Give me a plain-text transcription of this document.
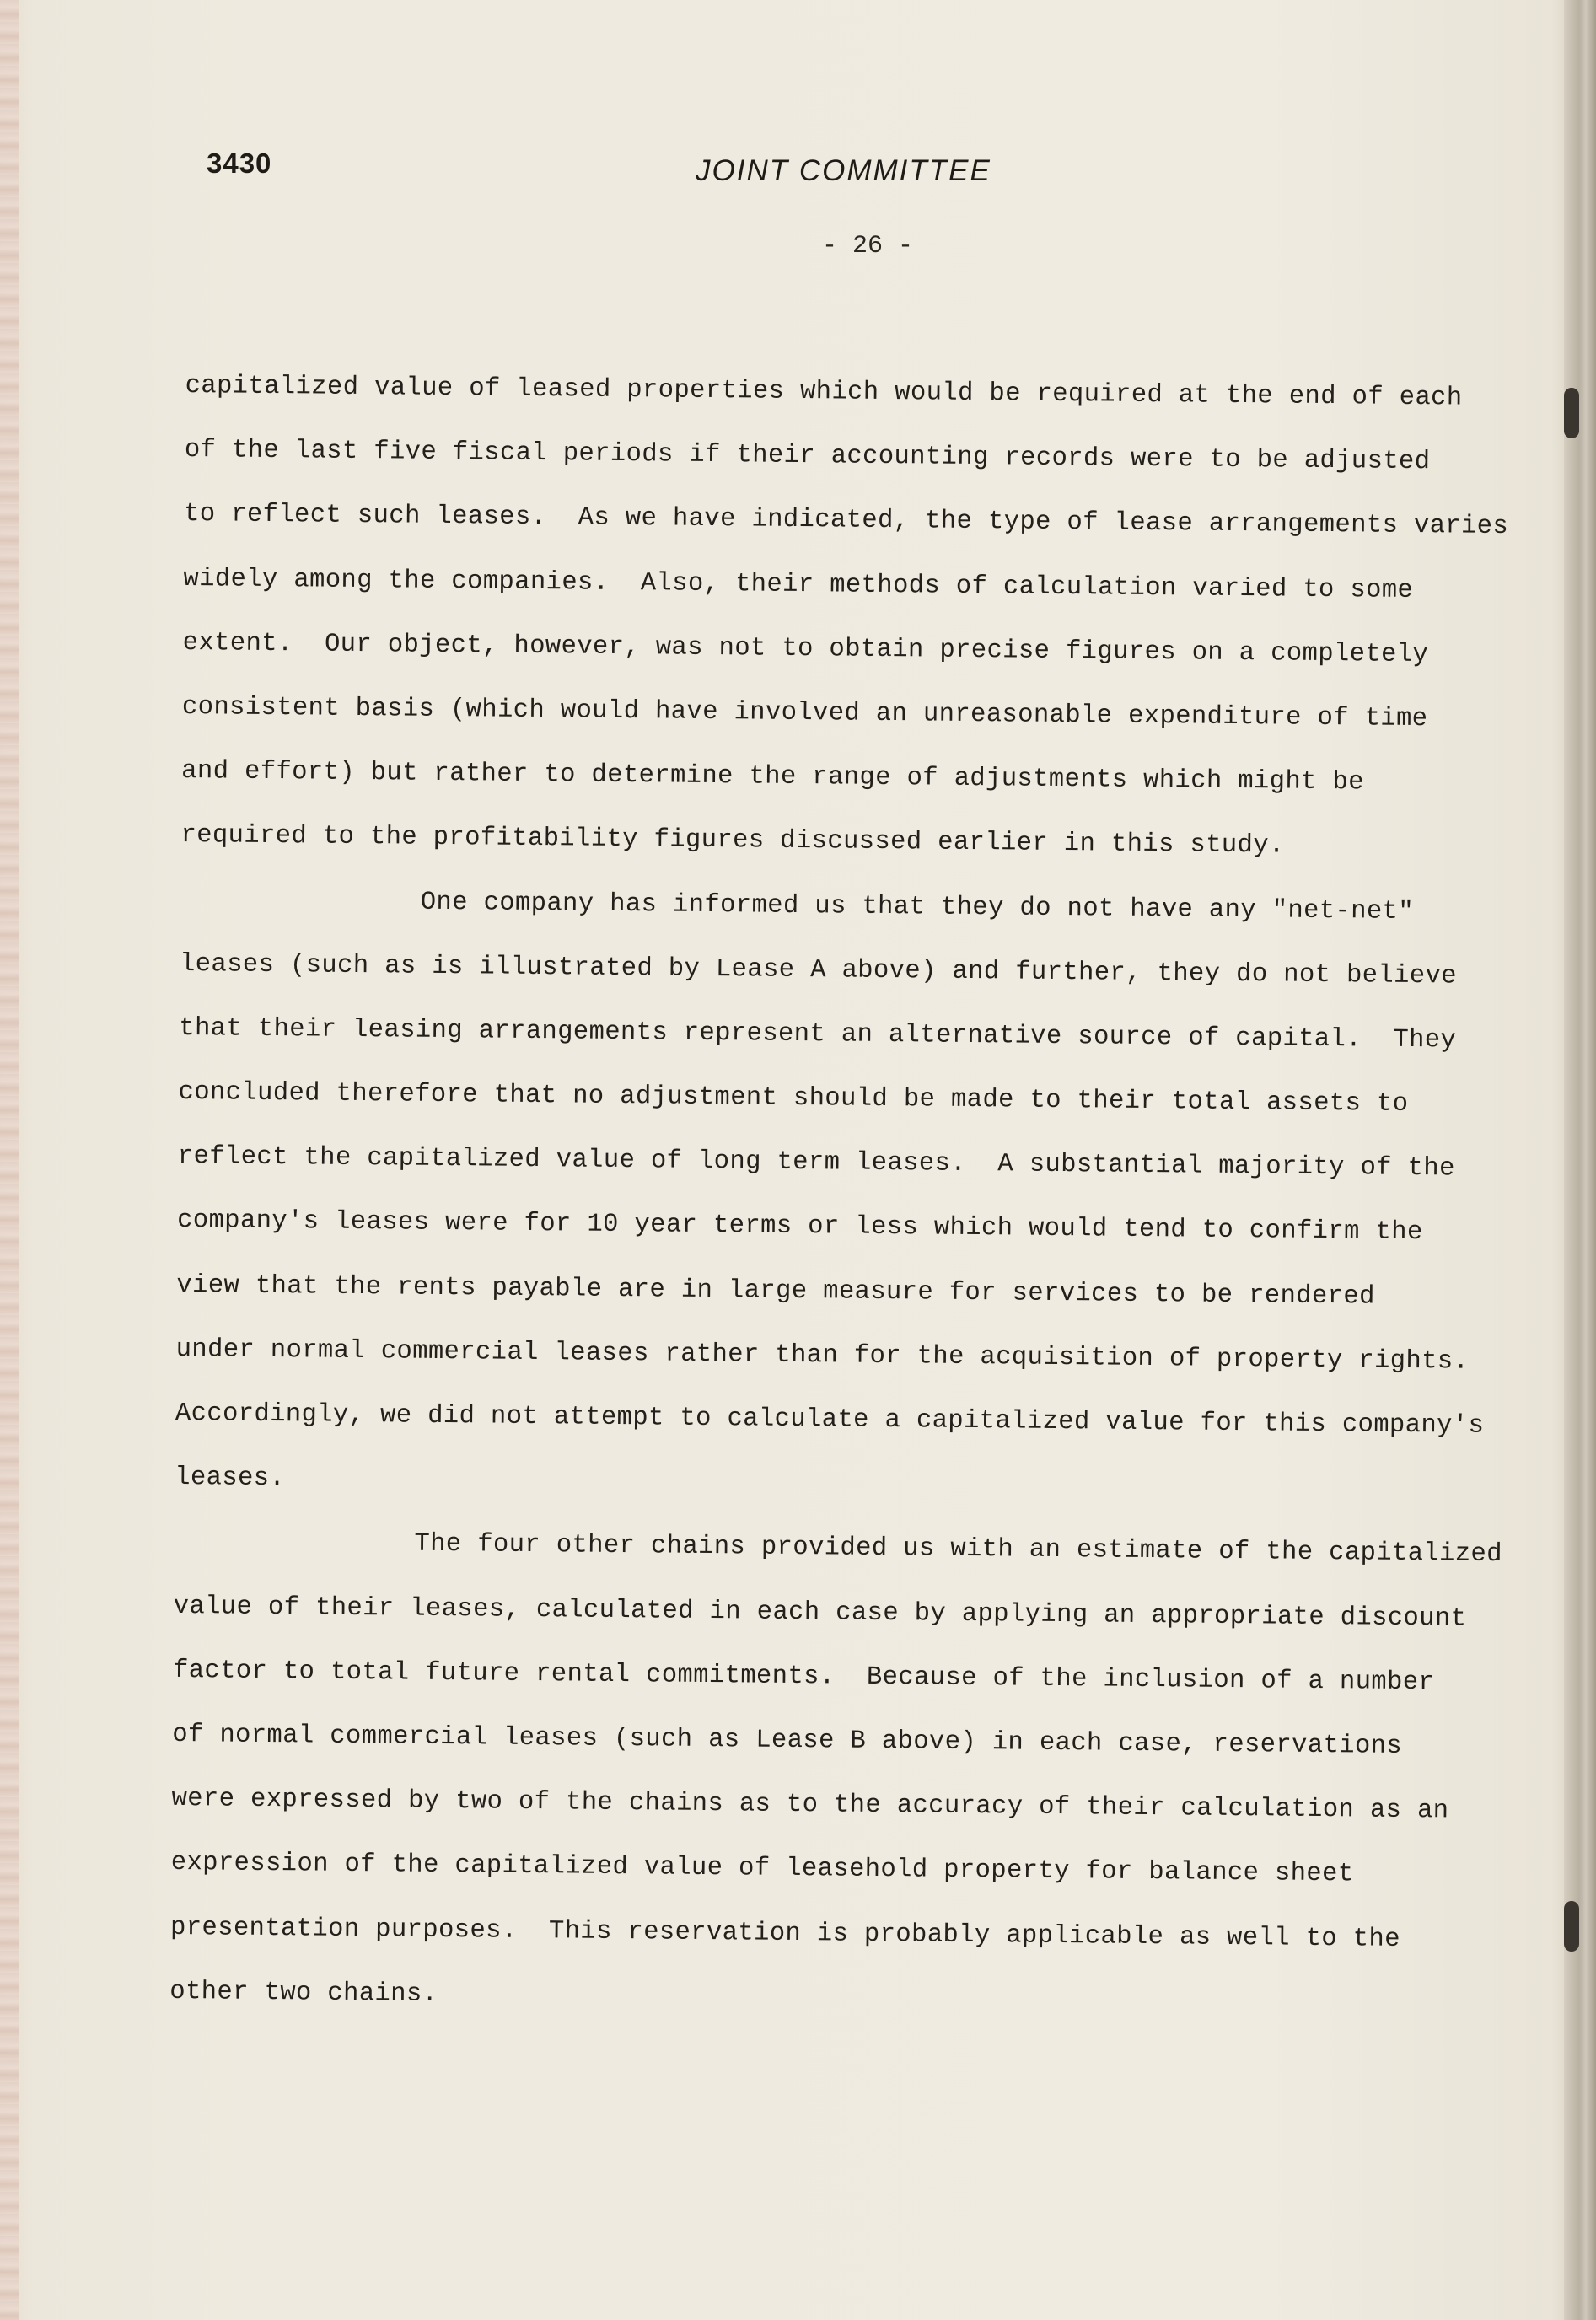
3430	JOINT COMMITTEE
- 26 -
capitalized value of leased properties which would be required at the end of each
of the last five fiscal periods if their accounting records were to be adjusted
to reflect such leases.  As we have indicated, the type of lease arrangements varies
widely among the companies.  Also, their methods of calculation varied to some
extent.  Our object, however, was not to obtain precise figures on a completely
consistent basis (which would have involved an unreasonable expenditure of time
and effort) but rather to determine the range of adjustments which might be
required to the profitability figures discussed earlier in this study.
One company has informed us that they do not have any "net-net"
leases (such as is illustrated by Lease A above) and further, they do not believe
that their leasing arrangements represent an alternative source of capital.  They
concluded therefore that no adjustment should be made to their total assets to
reflect the capitalized value of long term leases.  A substantial majority of the
company's leases were for 10 year terms or less which would tend to confirm the
view that the rents payable are in large measure for services to be rendered
under normal commercial leases rather than for the acquisition of property rights.
Accordingly, we did not attempt to calculate a capitalized value for this company's
leases.
The four other chains provided us with an estimate of the capitalized
value of their leases, calculated in each case by applying an appropriate discount
factor to total future rental commitments.  Because of the inclusion of a number
of normal commercial leases (such as Lease B above) in each case, reservations
were expressed by two of the chains as to the accuracy of their calculation as an
expression of the capitalized value of leasehold property for balance sheet
presentation purposes.  This reservation is probably applicable as well to the
other two chains.
